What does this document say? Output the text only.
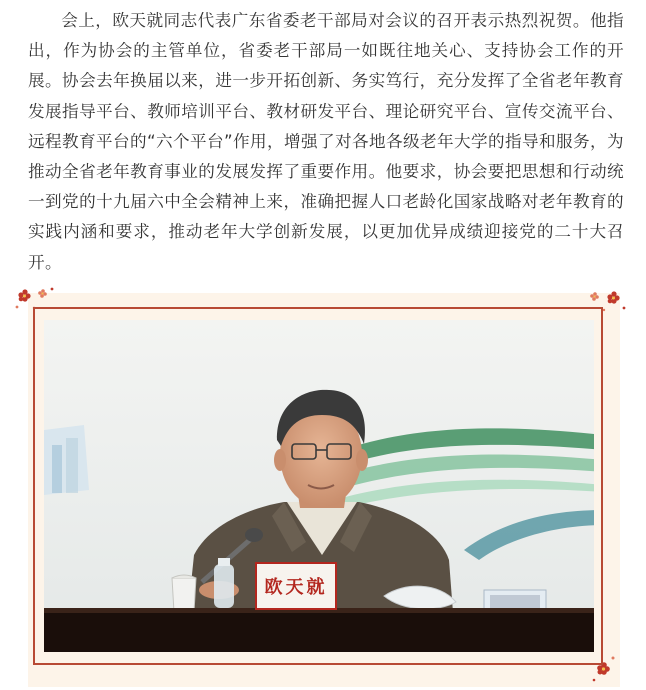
会上，欧天就同志代表广东省委老干部局对会议的召开表示热烈祝贺。他指出，作为协会的主管单位，省委老干部局一如既往地关心、支持协会工作的开展。协会去年换届以来，进一步开拓创新、务实笃行，充分发挥了全省老年教育发展指导平台、教师培训平台、教材研发平台、理论研究平台、宣传交流平台、远程教育平台的“六个平台”作用，增强了对各地各级老年大学的指导和服务，为推动全省老年教育事业的发展发挥了重要作用。他要求，协会要把思想和行动统一到党的十九届六中全会精神上来，准确把握人口老龄化国家战略对老年教育的实践内涵和要求，推动老年大学创新发展，以更加优异成绩迎接党的二十大召开。

欧天就
